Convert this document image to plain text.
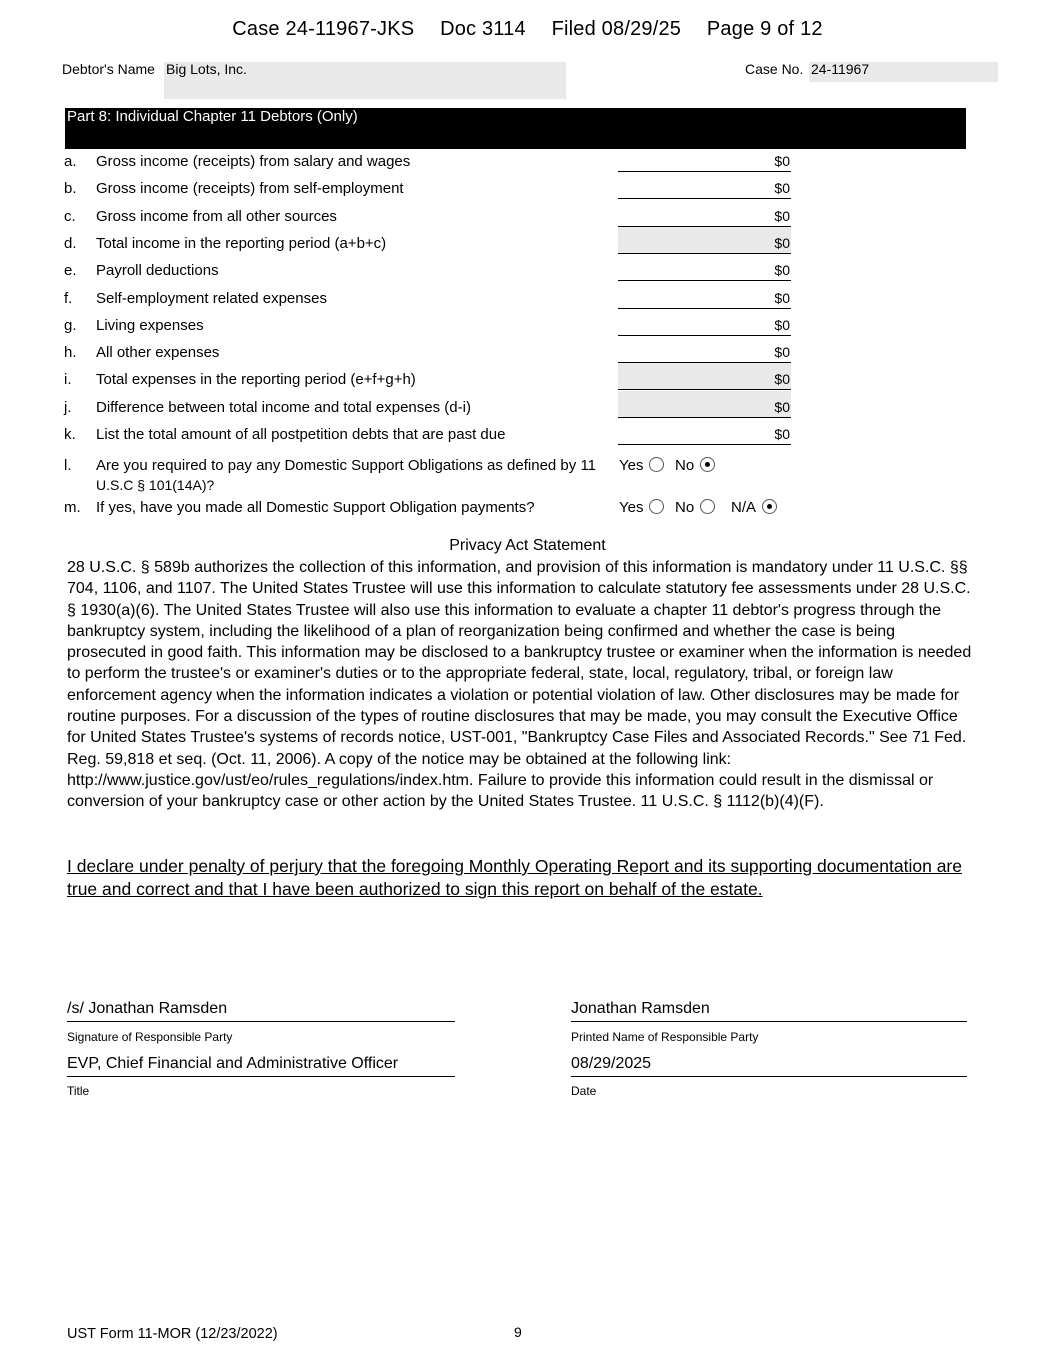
Case 24-11967-JKS Doc 3114 Filed 08/29/25 Page 9 of 12
Debtor's Name Big Lots, Inc.	Case No. 24-11967
Part 8: Individual Chapter 11 Debtors (Only)
a. Gross income (receipts) from salary and wages	$0
b. Gross income (receipts) from self-employment	$0
c. Gross income from all other sources	$0
d. Total income in the reporting period (a+b+c)	$0
e. Payroll deductions	$0
f. Self-employment related expenses	$0
g. Living expenses	$0
h. All other expenses	$0
i. Total expenses in the reporting period (e+f+g+h)	$0
j. Difference between total income and total expenses (d-i)	$0
k. List the total amount of all postpetition debts that are past due	$0
l. Are you required to pay any Domestic Support Obligations as defined by 11
U.S.C § 101(14A)?
Yes	No
m. If yes, have you made all Domestic Support Obligation payments?	Yes	No	N/A
Privacy Act Statement
28 U.S.C. § 589b authorizes the collection of this information, and provision of this information is mandatory under 11 U.S.C. §§ 704, 1106, and 1107. The United States Trustee will use this information to calculate statutory fee assessments under 28 U.S.C. § 1930(a)(6). The United States Trustee will also use this information to evaluate a chapter 11 debtor's progress through the bankruptcy system, including the likelihood of a plan of reorganization being confirmed and whether the case is being prosecuted in good faith. This information may be disclosed to a bankruptcy trustee or examiner when the information is needed to perform the trustee's or examiner's duties or to the appropriate federal, state, local, regulatory, tribal, or foreign law enforcement agency when the information indicates a violation or potential violation of law. Other disclosures may be made for routine purposes. For a discussion of the types of routine disclosures that may be made, you may consult the Executive Office for United States Trustee's systems of records notice, UST-001, "Bankruptcy Case Files and Associated Records." See 71 Fed. Reg. 59,818 et seq. (Oct. 11, 2006). A copy of the notice may be obtained at the following link: http://www.justice.gov/ust/eo/rules_regulations/index.htm. Failure to provide this information could result in the dismissal or conversion of your bankruptcy case or other action by the United States Trustee. 11 U.S.C. § 1112(b)(4)(F).
I declare under penalty of perjury that the foregoing Monthly Operating Report and its supporting documentation are true and correct and that I have been authorized to sign this report on behalf of the estate.
/s/ Jonathan Ramsden
Signature of Responsible Party
Jonathan Ramsden
Printed Name of Responsible Party
EVP, Chief Financial and Administrative Officer
Title
08/29/2025
Date
UST Form 11-MOR (12/23/2022)	9
